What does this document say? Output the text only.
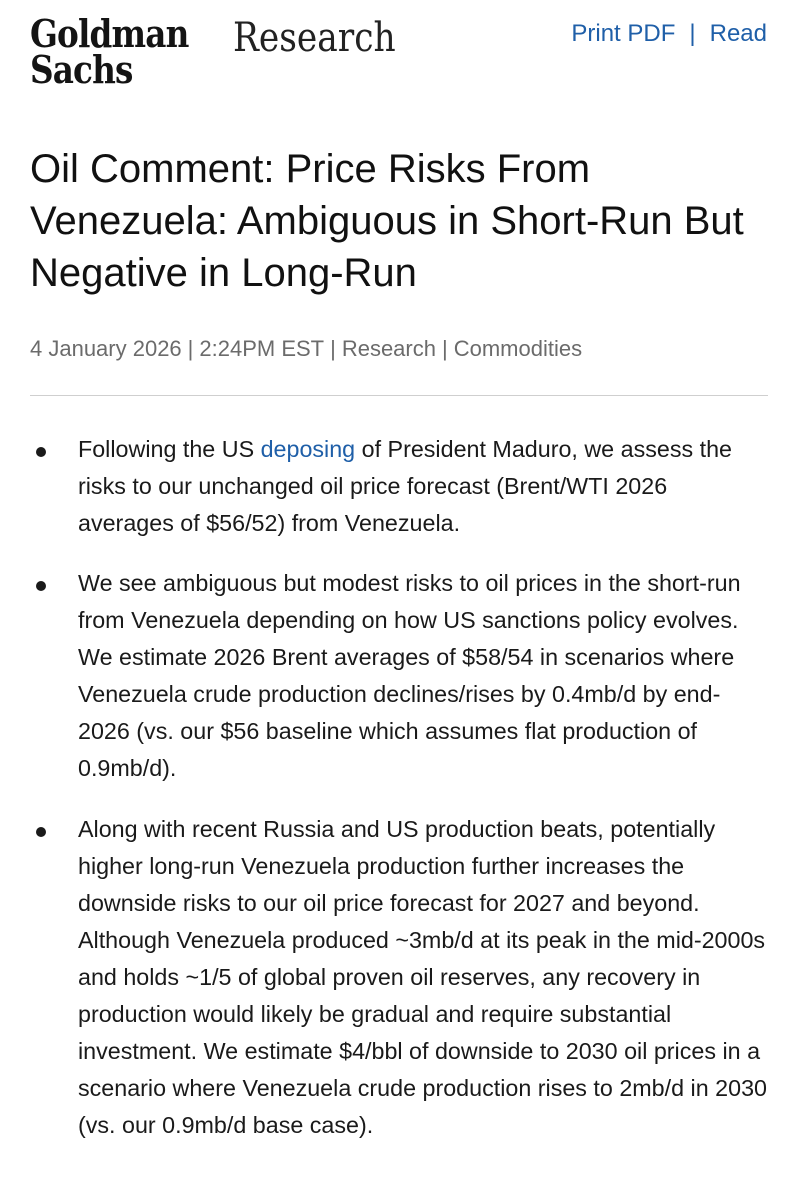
Goldman
Sachs
Research	Print PDF | Read
Oil Comment: Price Risks From Venezuela: Ambiguous in Short-Run But Negative in Long-Run
4 January 2026 | 2:24PM EST | Research | Commodities

Following the US deposing of President Maduro, we assess the risks to our unchanged oil price forecast (Brent/WTI 2026 averages of $56/52) from Venezuela.

We see ambiguous but modest risks to oil prices in the short-run from Venezuela depending on how US sanctions policy evolves. We estimate 2026 Brent averages of $58/54 in scenarios where Venezuela crude production declines/rises by 0.4mb/d by end-2026 (vs. our $56 baseline which assumes flat production of 0.9mb/d).

Along with recent Russia and US production beats, potentially higher long-run Venezuela production further increases the downside risks to our oil price forecast for 2027 and beyond. Although Venezuela produced ~3mb/d at its peak in the mid-2000s and holds ~1/5 of global proven oil reserves, any recovery in production would likely be gradual and require substantial investment. We estimate $4/bbl of downside to 2030 oil prices in a scenario where Venezuela crude production rises to 2mb/d in 2030 (vs. our 0.9mb/d base case).
